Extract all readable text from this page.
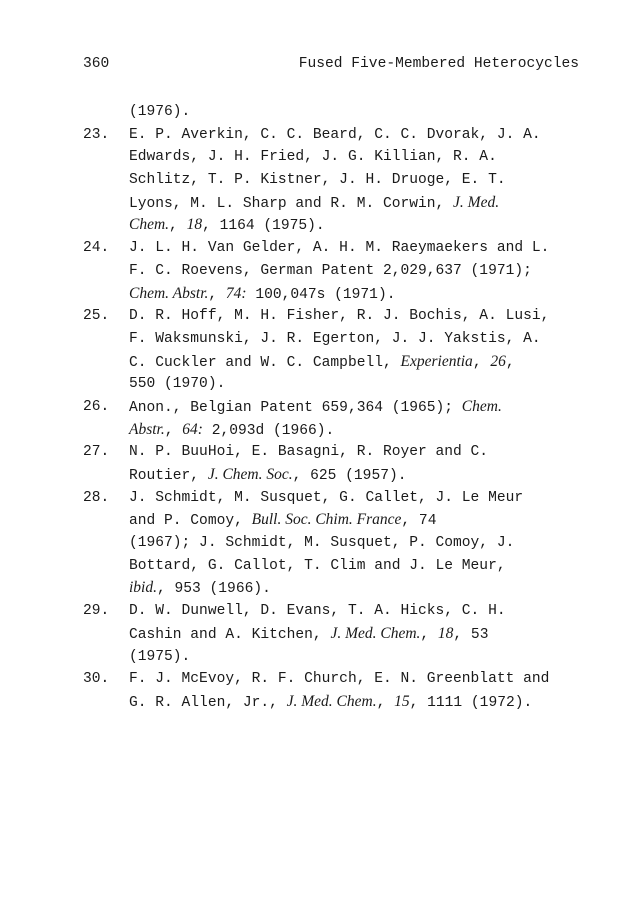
360	Fused Five-Membered Heterocycles
(1976).
23. E. P. Averkin, C. C. Beard, C. C. Dvorak, J. A.
Edwards, J. H. Fried, J. G. Killian, R. A.
Schlitz, T. P. Kistner, J. H. Druoge, E. T.
Lyons, M. L. Sharp and R. M. Corwin, J. Med.
Chem., 18, 1164 (1975).
24. J. L. H. Van Gelder, A. H. M. Raeymaekers and L.
F. C. Roevens, German Patent 2,029,637 (1971);
Chem. Abstr., 74: 100,047s (1971).
25. D. R. Hoff, M. H. Fisher, R. J. Bochis, A. Lusi,
F. Waksmunski, J. R. Egerton, J. J. Yakstis, A.
C. Cuckler and W. C. Campbell, Experientia, 26,
550 (1970).
26. Anon., Belgian Patent 659,364 (1965); Chem.
Abstr., 64: 2,093d (1966).
27. N. P. BuuHoi, E. Basagni, R. Royer and C.
Routier, J. Chem. Soc., 625 (1957).
28. J. Schmidt, M. Susquet, G. Callet, J. Le Meur
and P. Comoy, Bull. Soc. Chim. France, 74
(1967); J. Schmidt, M. Susquet, P. Comoy, J.
Bottard, G. Callot, T. Clim and J. Le Meur,
ibid., 953 (1966).
29. D. W. Dunwell, D. Evans, T. A. Hicks, C. H.
Cashin and A. Kitchen, J. Med. Chem., 18, 53
(1975).
30. F. J. McEvoy, R. F. Church, E. N. Greenblatt and
G. R. Allen, Jr., J. Med. Chem., 15, 1111 (1972).
